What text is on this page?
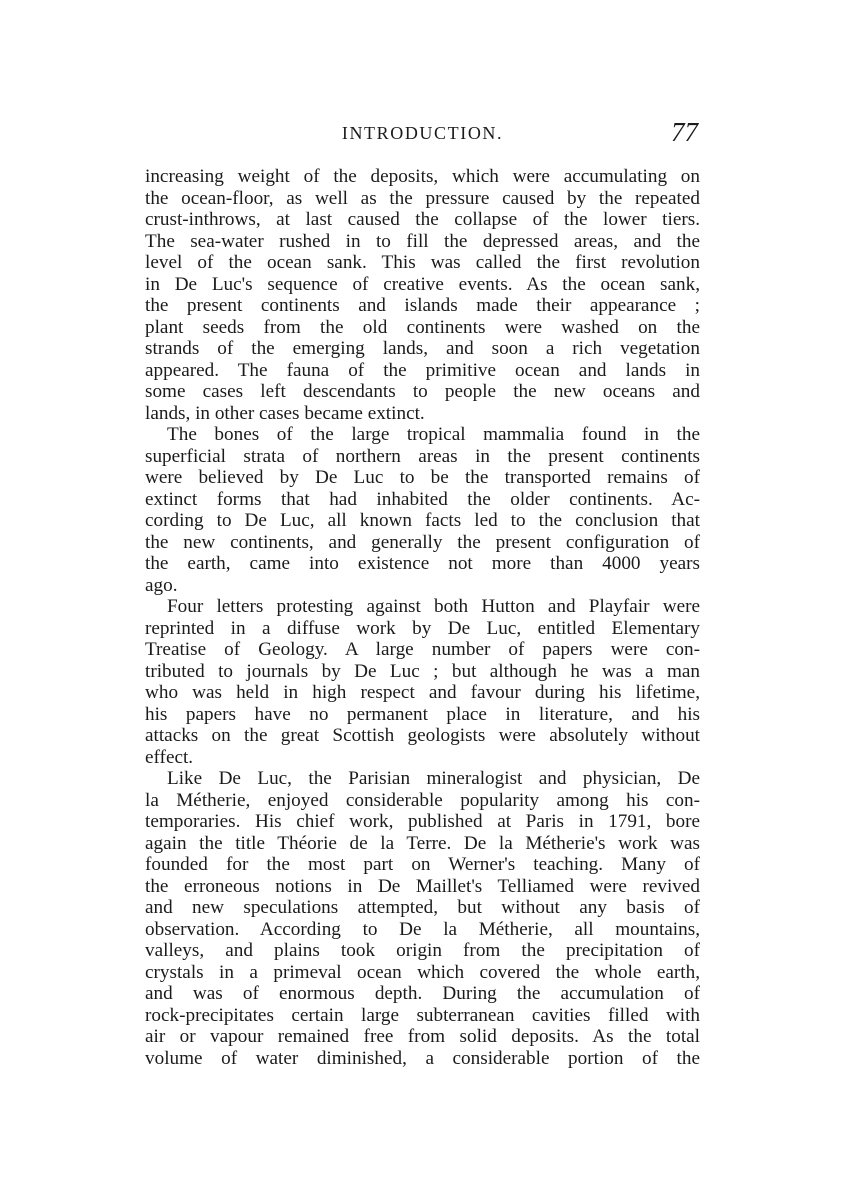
INTRODUCTION.	77
increasing weight of the deposits, which were accumulating on
the ocean-floor, as well as the pressure caused by the repeated
crust-inthrows, at last caused the collapse of the lower tiers.
The sea-water rushed in to fill the depressed areas, and the
level of the ocean sank. This was called the first revolution
in De Luc's sequence of creative events. As the ocean sank,
the present continents and islands made their appearance ;
plant seeds from the old continents were washed on the
strands of the emerging lands, and soon a rich vegetation
appeared. The fauna of the primitive ocean and lands in
some cases left descendants to people the new oceans and
lands, in other cases became extinct.
The bones of the large tropical mammalia found in the
superficial strata of northern areas in the present continents
were believed by De Luc to be the transported remains of
extinct forms that had inhabited the older continents. Ac-
cording to De Luc, all known facts led to the conclusion that
the new continents, and generally the present configuration of
the earth, came into existence not more than 4000 years
ago.
Four letters protesting against both Hutton and Playfair were
reprinted in a diffuse work by De Luc, entitled Elementary
Treatise of Geology. A large number of papers were con-
tributed to journals by De Luc ; but although he was a man
who was held in high respect and favour during his lifetime,
his papers have no permanent place in literature, and his
attacks on the great Scottish geologists were absolutely without
effect.
Like De Luc, the Parisian mineralogist and physician, De
la Métherie, enjoyed considerable popularity among his con-
temporaries. His chief work, published at Paris in 1791, bore
again the title Théorie de la Terre. De la Métherie's work was
founded for the most part on Werner's teaching. Many of
the erroneous notions in De Maillet's Telliamed were revived
and new speculations attempted, but without any basis of
observation. According to De la Métherie, all mountains,
valleys, and plains took origin from the precipitation of
crystals in a primeval ocean which covered the whole earth,
and was of enormous depth. During the accumulation of
rock-precipitates certain large subterranean cavities filled with
air or vapour remained free from solid deposits. As the total
volume of water diminished, a considerable portion of the
